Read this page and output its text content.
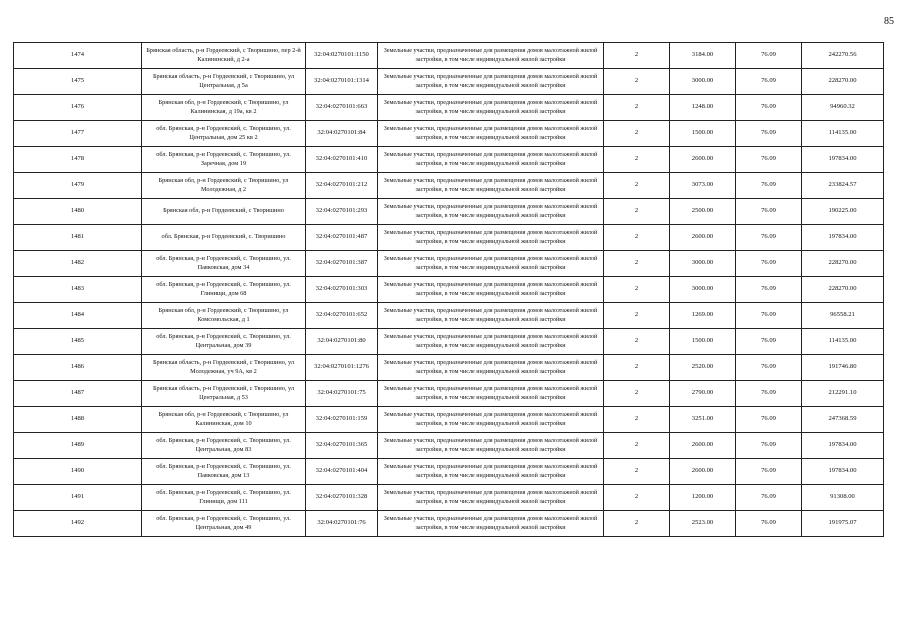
85
1474	Брянская область, р-н Гордеевский, с Творишино, пер 2-й Калининский, д 2-а	32:04:0270101:1150	Земельные участки, предназначенные для размещения домов малоэтажной жилой застройки, в том числе индивидуальной жилой застройки	2	3184.00	76.09	242270.56
1475	Брянская область, р-н Гордеевский, с Творишино, ул Центральная, д 5а	32:04:0270101:1314	Земельные участки, предназначенные для размещения домов малоэтажной жилой застройки, в том числе индивидуальной жилой застройки	2	3000.00	76.09	228270.00
1476	Брянская обл, р-н Гордеевский, с Творишино, ул Калининская, д 19а, кв 2	32:04:0270101:663	Земельные участки, предназначенные для размещения домов малоэтажной жилой застройки, в том числе индивидуальной жилой застройки	2	1248.00	76.09	94960.32
1477	обл. Брянская, р-н Гордеевский, с. Творишино, ул. Центральная, дом 25 кв 2	32:04:0270101:84	Земельные участки, предназначенные для размещения домов малоэтажной жилой застройки, в том числе индивидуальной жилой застройки	2	1500.00	76.09	114135.00
1478	обл. Брянская, р-н Гордеевский, с. Творишино, ул. Заречная, дом 19	32:04:0270101:410	Земельные участки, предназначенные для размещения домов малоэтажной жилой застройки, в том числе индивидуальной жилой застройки	2	2600.00	76.09	197834.00
1479	Брянская обл, р-н Гордеевский, с Творишино, ул Молодежная, д 2	32:04:0270101:212	Земельные участки, предназначенные для размещения домов малоэтажной жилой застройки, в том числе индивидуальной жилой застройки	2	3073.00	76.09	233824.57
1480	Брянская обл, р-н Гордеевский, с Творишино	32:04:0270101:293	Земельные участки, предназначенные для размещения домов малоэтажной жилой застройки, в том числе индивидуальной жилой застройки	2	2500.00	76.09	190225.00
1481	обл. Брянская, р-н Гордеевский, с. Творишино	32:04:0270101:487	Земельные участки, предназначенные для размещения домов малоэтажной жилой застройки, в том числе индивидуальной жилой застройки	2	2600.00	76.09	197834.00
1482	обл. Брянская, р-н Гордеевский, с. Творишино, ул. Павковская, дом 34	32:04:0270101:387	Земельные участки, предназначенные для размещения домов малоэтажной жилой застройки, в том числе индивидуальной жилой застройки	2	3000.00	76.09	228270.00
1483	обл. Брянская, р-н Гордеевский, с. Творишино, ул. Глинищи, дом 68	32:04:0270101:303	Земельные участки, предназначенные для размещения домов малоэтажной жилой застройки, в том числе индивидуальной жилой застройки	2	3000.00	76.09	228270.00
1484	Брянская обл, р-н Гордеевский, с Творишино, ул Комсомольская, д 1	32:04:0270101:652	Земельные участки, предназначенные для размещения домов малоэтажной жилой застройки, в том числе индивидуальной жилой застройки	2	1269.00	76.09	96558.21
1485	обл. Брянская, р-н Гордеевский, с. Творишино, ул. Центральная, дом 39	32:04:0270101:80	Земельные участки, предназначенные для размещения домов малоэтажной жилой застройки, в том числе индивидуальной жилой застройки	2	1500.00	76.09	114135.00
1486	Брянская область, р-н Гордеевский, с Творишино, ул Молодежная, уч 9А, кв 2	32:04:0270101:1276	Земельные участки, предназначенные для размещения домов малоэтажной жилой застройки, в том числе индивидуальной жилой застройки	2	2520.00	76.09	191746.80
1487	Брянская область, р-н Гордеевский, с Творишино, ул Центральная, д 53	32:04:0270101:75	Земельные участки, предназначенные для размещения домов малоэтажной жилой застройки, в том числе индивидуальной жилой застройки	2	2790.00	76.09	212291.10
1488	Брянская обл, р-н Гордеевский, с Творишино, ул Калининская, дом 10	32:04:0270101:159	Земельные участки, предназначенные для размещения домов малоэтажной жилой застройки, в том числе индивидуальной жилой застройки	2	3251.00	76.09	247368.59
1489	обл. Брянская, р-н Гордеевский, с. Творишино, ул. Центральная, дом 83	32:04:0270101:365	Земельные участки, предназначенные для размещения домов малоэтажной жилой застройки, в том числе индивидуальной жилой застройки	2	2600.00	76.09	197834.00
1490	обл. Брянская, р-н Гордеевский, с. Творишино, ул. Павковская, дом 13	32:04:0270101:404	Земельные участки, предназначенные для размещения домов малоэтажной жилой застройки, в том числе индивидуальной жилой застройки	2	2600.00	76.09	197834.00
1491	обл. Брянская, р-н Гордеевский, с. Творишино, ул. Глинищи, дом 111	32:04:0270101:328	Земельные участки, предназначенные для размещения домов малоэтажной жилой застройки, в том числе индивидуальной жилой застройки	2	1200.00	76.09	91308.00
1492	обл. Брянская, р-н Гордеевский, с. Творишино, ул. Центральная, дом 49	32:04:0270101:76	Земельные участки, предназначенные для размещения домов малоэтажной жилой застройки, в том числе индивидуальной жилой застройки	2	2523.00	76.09	191975.07
